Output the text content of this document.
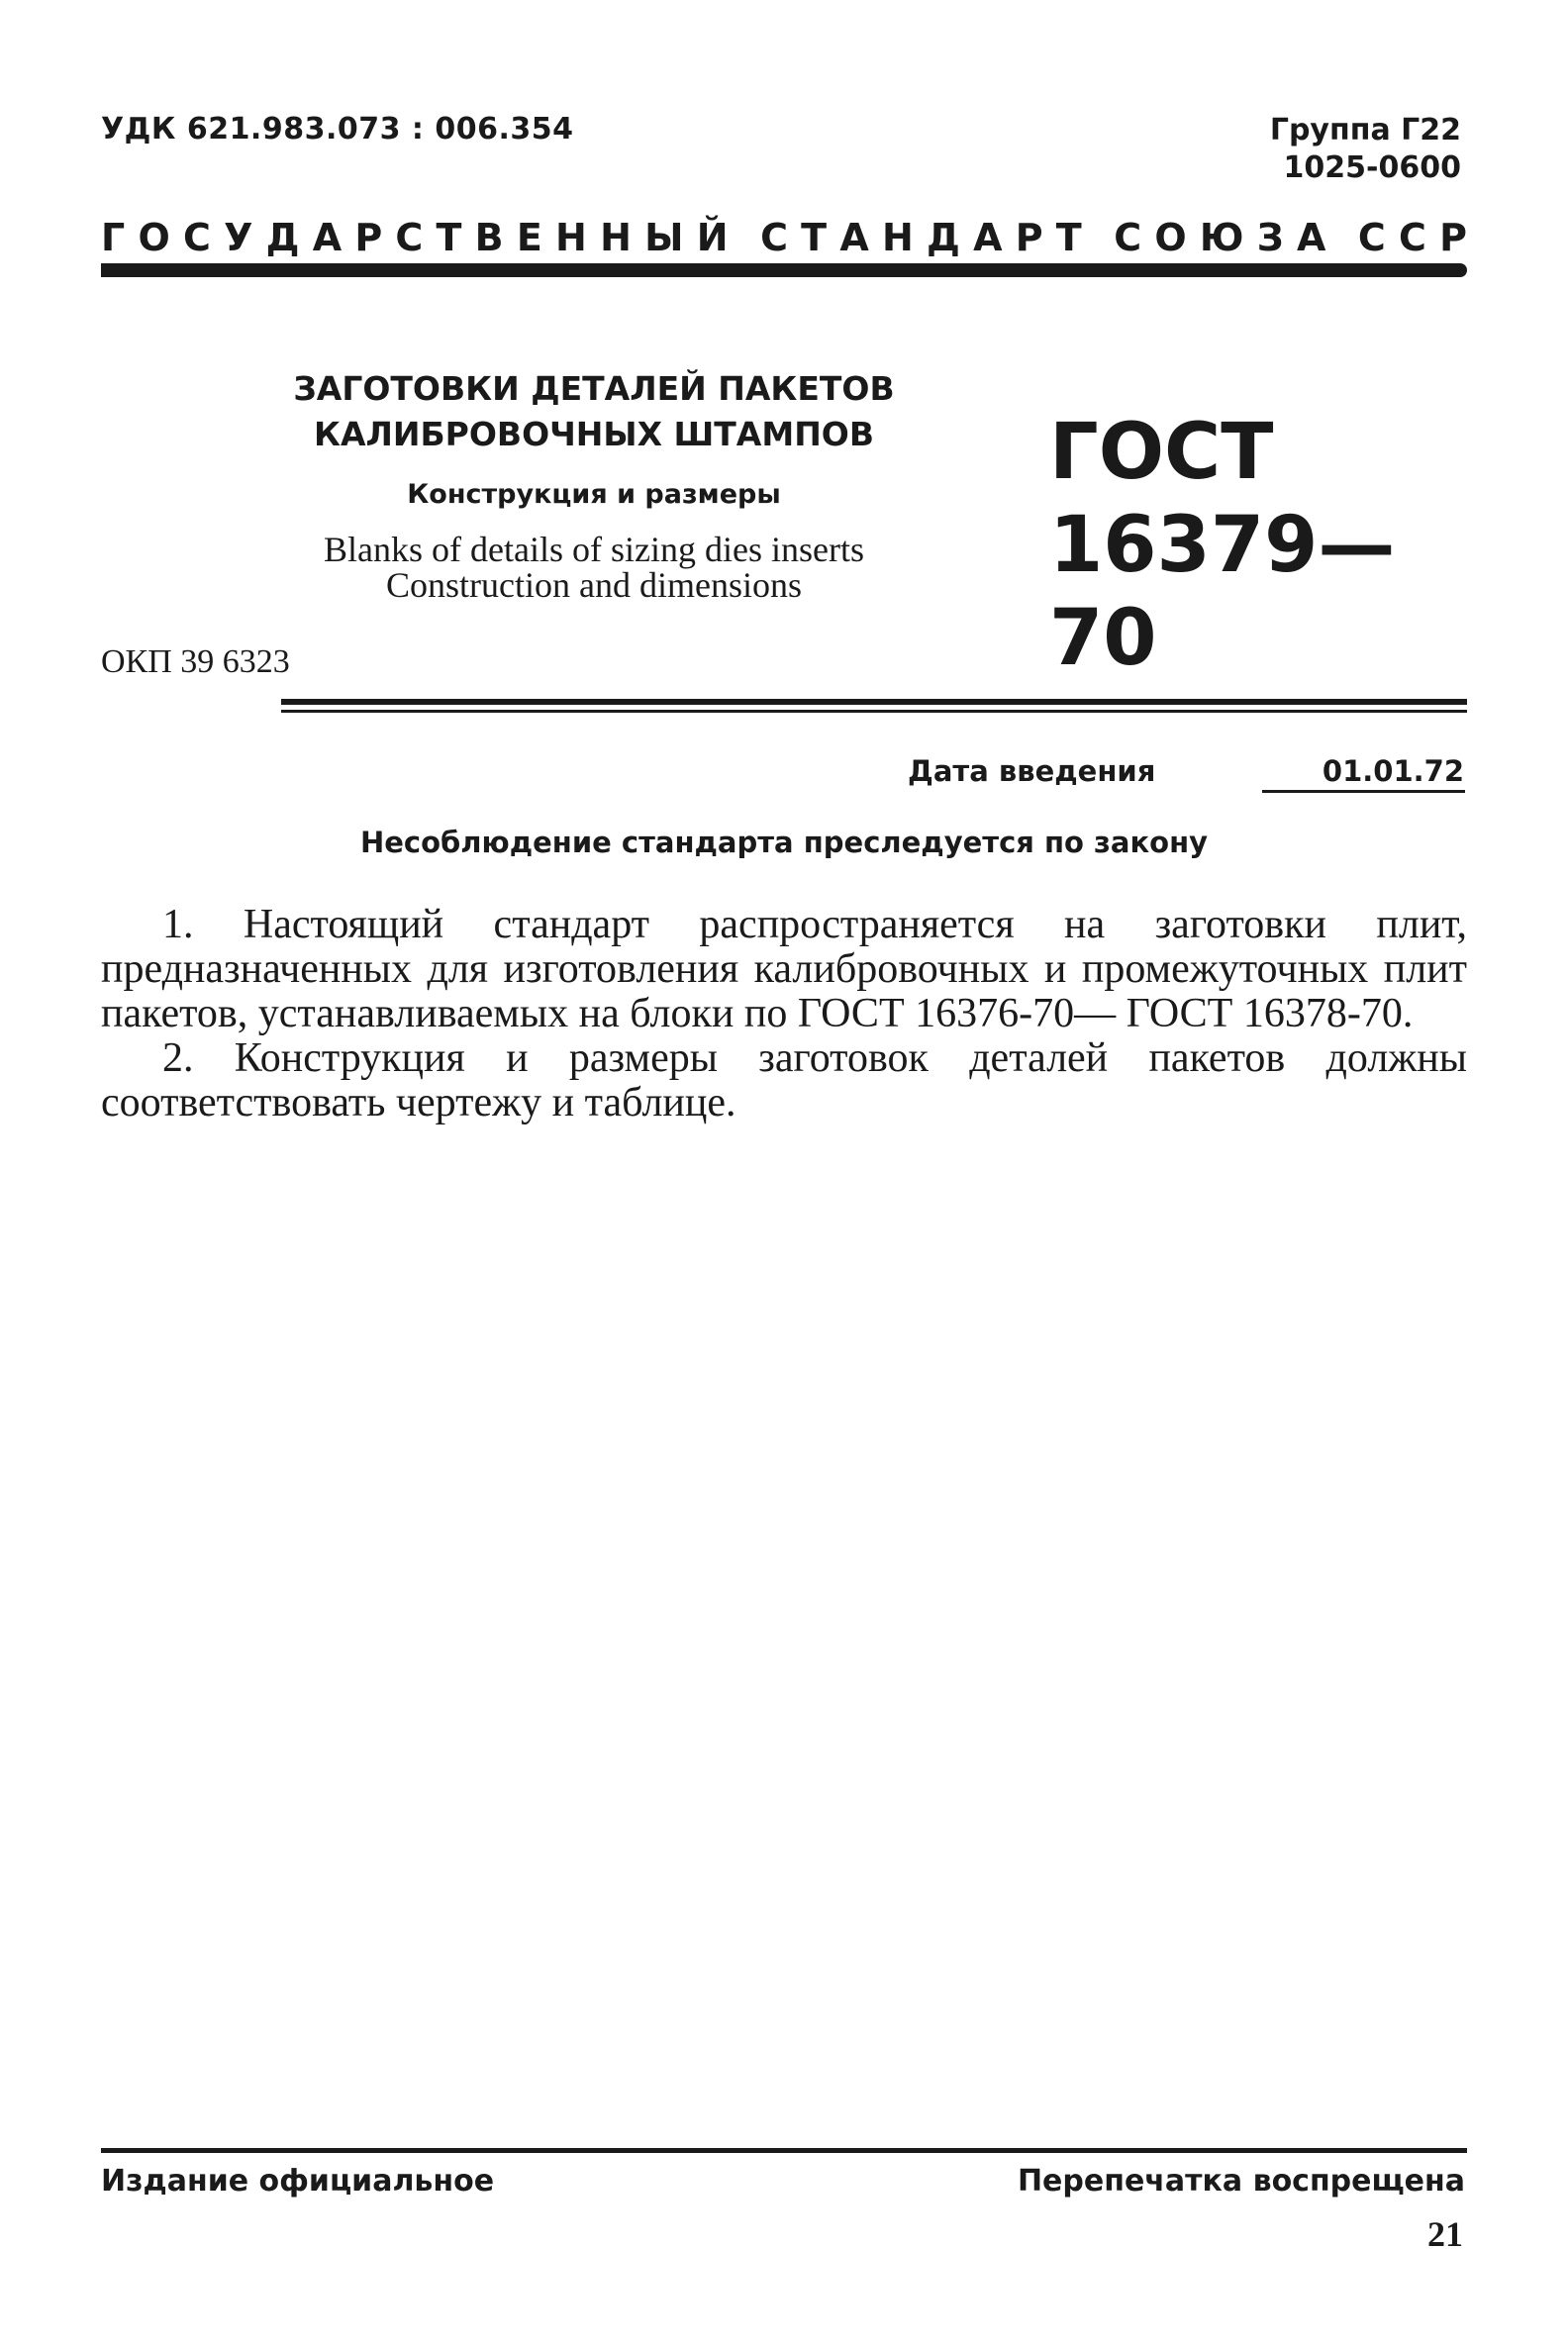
УДК 621.983.073 : 006.354	Группа Г22
1025-0600
Г О С У Д А Р С Т В Е Н Н Ы Й С Т А Н Д А Р Т С О Ю З А С С Р
ЗАГОТОВКИ ДЕТАЛЕЙ ПАКЕТОВ
КАЛИБРОВОЧНЫХ ШТАМПОВ
Конструкция и размеры
Blanks of details of sizing dies inserts
Construction and dimensions
ГОСТ
16379—70
ОКП 39 6323
Дата введения	01.01.72
Несоблюдение стандарта преследуется по закону

1. Настоящий стандарт распространяется на заготовки плит, предназначенных для изготовления калибровочных и промежуточных плит пакетов, устанавливаемых на блоки по ГОСТ 16376-70— ГОСТ 16378-70.

2. Конструкция и размеры заготовок деталей пакетов должны соответствовать чертежу и таблице.

Издание официальное	Перепечатка воспрещена
21
